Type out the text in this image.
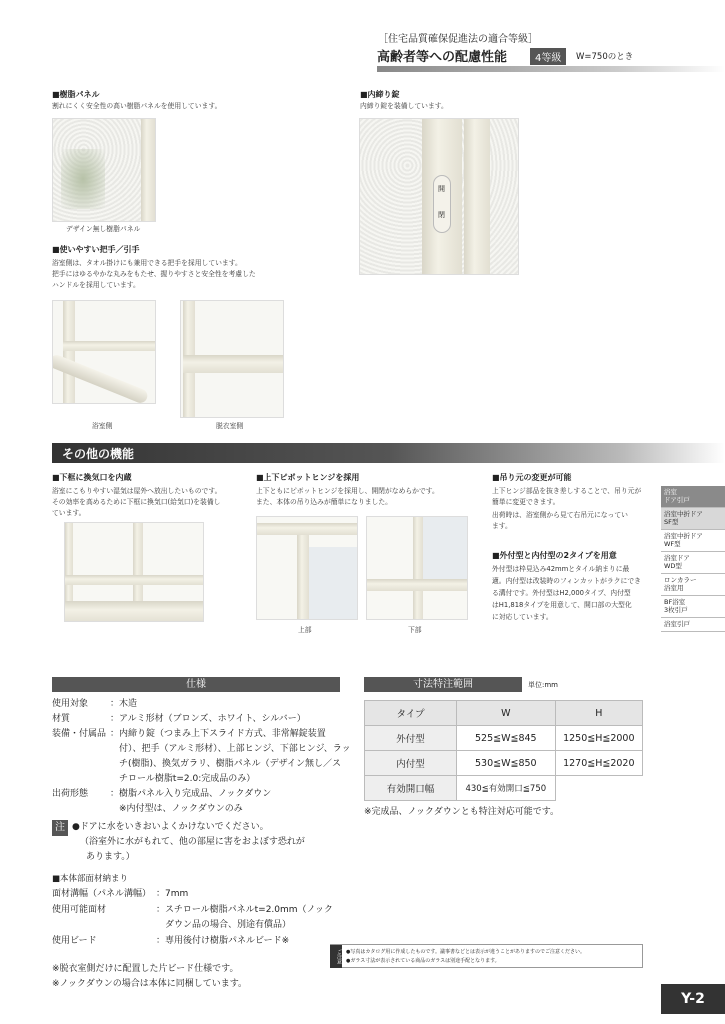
［住宅品質確保促進法の適合等級］
高齢者等への配慮性能	4等級	W=750のとき
■樹脂パネル
割れにくく安全性の高い樹脂パネルを使用しています。
デザイン無し樹脂パネル
■内締り錠
内締り錠を装備しています。
開
閉
■使いやすい把手／引手
浴室側は、タオル掛けにも兼用できる把手を採用しています。
把手にはゆるやかな丸みをもたせ、握りやすさと安全性を考慮した
ハンドルを採用しています。
浴室側	脱衣室側
その他の機能
■下框に換気口を内蔵
浴室にこもりやすい湿気は屋外へ放出したいものです。
その効率を高めるために下框に換気口(給気口)を装備し
ています。
■上下ピボットヒンジを採用
上下ともにピボットヒンジを採用し、開閉がなめらかです。
また、本体の吊り込みが簡単になりました。
上部	下部
■吊り元の変更が可能
上下ヒンジ部品を抜き差しすることで、吊り元が
簡単に変更できます。
出荷時は、浴室側から見て右吊元になってい
ます。
■外付型と内付型の2タイプを用意
外付型は枠見込み42mmとタイル納まりに最
適。内付型は改装時のフィンカットがラクにでき
る溝付です。外付型はH2,000タイプ、内付型
はH1,818タイプを用意して、開口部の大型化
に対応しています。
浴室
ドア引戸
浴室中折ドア
SF型
浴室中折ドア
WF型
浴室ドア
WD型
ロンカラー
浴室用
BF浴室
3枚引戸
浴室引戸
仕様
使用対象 ：木造
材質	：アルミ形材（ブロンズ、ホワイト、シルバー）
装備・付属品 ：内締り錠（つまみ上下スライド方式、非常解錠装置
　付）、把手（アルミ形材）、上部ヒンジ、下部ヒンジ、ラッ
　チ(樹脂)、換気ガラリ、樹脂パネル（デザイン無し／ス
　チロール樹脂t=2.0:完成品のみ）
出荷形態 ：樹脂パネル入り完成品、ノックダウン
　※内付型は、ノックダウンのみ
注 ●ドアに水をいきおいよくかけないでください。
（浴室外に水がもれて、他の部屋に害をおよぼす恐れが
あります。）
■本体部面材納まり
面材溝幅（パネル溝幅） ：7mm
使用可能面材	：スチロール樹脂パネルt=2.0mm（ノック
　ダウン品の場合、別途有償品）
使用ビード	：専用後付け樹脂パネルビード※
※脱衣室側だけに配置した片ビード仕様です。
※ノックダウンの場合は本体に同梱しています。
寸法特注範囲	単位:mm
タイプ	W	H
外付型	525≦W≦845	1250≦H≦2000
内付型	530≦W≦850	1270≦H≦2020
有効開口幅	430≦有効開口≦750	
※完成品、ノックダウンとも特注対応可能です。
ご注意 ●写真はカタログ用に作成したものです。議事書などとは表示が違うことがありますのでご注意ください。
●ガラス寸法が表示されている商品のガラスは別途手配となります。
Y-2
